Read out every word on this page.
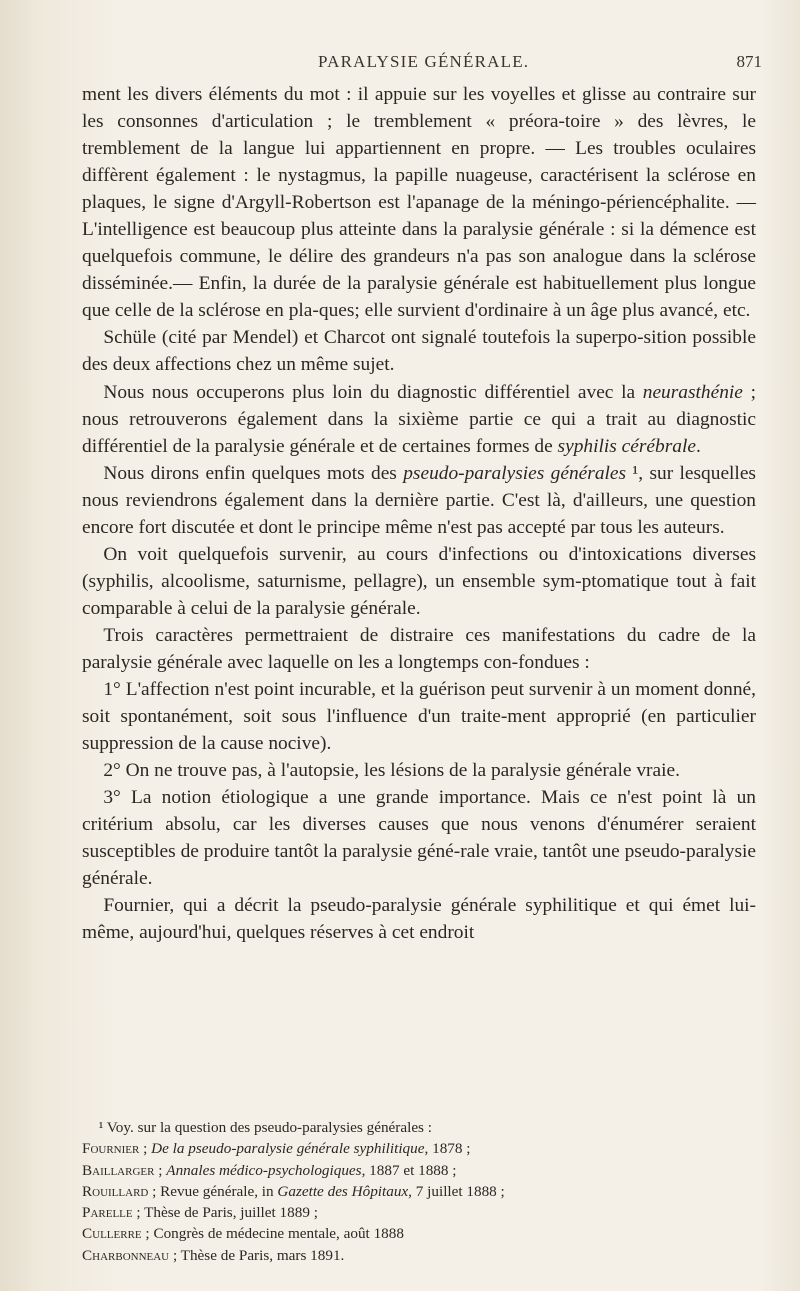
PARALYSIE GÉNÉRALE.	871

ment les divers éléments du mot : il appuie sur les voyelles et glisse au contraire sur les consonnes d'articulation ; le tremblement « préora-toire » des lèvres, le tremblement de la langue lui appartiennent en propre. — Les troubles oculaires diffèrent également : le nystagmus, la papille nuageuse, caractérisent la sclérose en plaques, le signe d'Argyll-Robertson est l'apanage de la méningo-périencéphalite. — L'intelligence est beaucoup plus atteinte dans la paralysie générale : si la démence est quelquefois commune, le délire des grandeurs n'a pas son analogue dans la sclérose disséminée.— Enfin, la durée de la paralysie générale est habituellement plus longue que celle de la sclérose en pla-ques; elle survient d'ordinaire à un âge plus avancé, etc.

Schüle (cité par Mendel) et Charcot ont signalé toutefois la superpo-sition possible des deux affections chez un même sujet.

Nous nous occuperons plus loin du diagnostic différentiel avec la neurasthénie ; nous retrouverons également dans la sixième partie ce qui a trait au diagnostic différentiel de la paralysie générale et de certaines formes de syphilis cérébrale.

Nous dirons enfin quelques mots des pseudo-paralysies générales ¹, sur lesquelles nous reviendrons également dans la dernière partie. C'est là, d'ailleurs, une question encore fort discutée et dont le principe même n'est pas accepté par tous les auteurs.

On voit quelquefois survenir, au cours d'infections ou d'intoxications diverses (syphilis, alcoolisme, saturnisme, pellagre), un ensemble sym-ptomatique tout à fait comparable à celui de la paralysie générale.

Trois caractères permettraient de distraire ces manifestations du cadre de la paralysie générale avec laquelle on les a longtemps con-fondues :

1° L'affection n'est point incurable, et la guérison peut survenir à un moment donné, soit spontanément, soit sous l'influence d'un traite-ment approprié (en particulier suppression de la cause nocive).

2° On ne trouve pas, à l'autopsie, les lésions de la paralysie générale vraie.

3° La notion étiologique a une grande importance. Mais ce n'est point là un critérium absolu, car les diverses causes que nous venons d'énumérer seraient susceptibles de produire tantôt la paralysie géné-rale vraie, tantôt une pseudo-paralysie générale.

Fournier, qui a décrit la pseudo-paralysie générale syphilitique et qui émet lui-même, aujourd'hui, quelques réserves à cet endroit

¹ Voy. sur la question des pseudo-paralysies générales :

Fournier ; De la pseudo-paralysie générale syphilitique, 1878 ;

Baillarger ; Annales médico-psychologiques, 1887 et 1888 ;

Rouillard ; Revue générale, in Gazette des Hôpitaux, 7 juillet 1888 ;

Parelle ; Thèse de Paris, juillet 1889 ;

Cullerre ; Congrès de médecine mentale, août 1888

Charbonneau ; Thèse de Paris, mars 1891.
